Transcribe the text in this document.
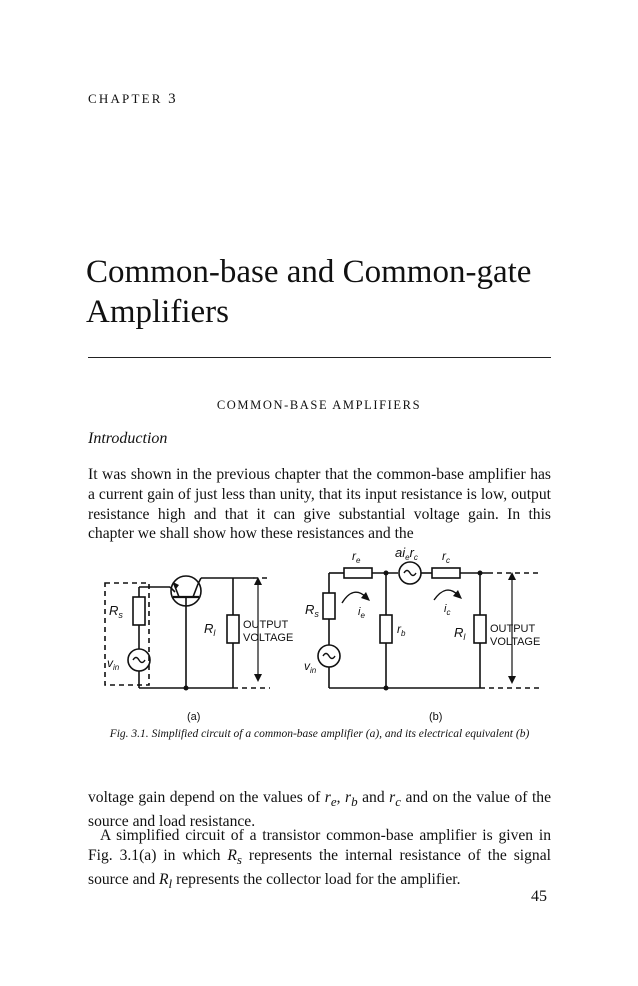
CHAPTER 3
Common-base and Common-gate
Amplifiers
COMMON-BASE AMPLIFIERS
Introduction

It was shown in the previous chapter that the common-base amplifier has a current gain of just less than unity, that its input resistance is low, output resistance high and that it can give substantial voltage gain. In this chapter we shall show how these resistances and the

$R_s$
$v_{in}$
$R_l$
OUTPUT
VOLTAGE
(a)
$r_e$
$ai_er_c$ $r_c$
$R_s$
$v_{in}$
$i_e$
$i_c$
$r_b$	$R_l$
OUTPUT
VOLTAGE
(b)

Fig. 3.1. Simplified circuit of a common-base amplifier (a), and its electrical equivalent (b)

voltage gain depend on the values of $r_e$, $r_b$ and $r_c$ and on the value of the source and load resistance.

A simplified circuit of a transistor common-base amplifier is given in Fig. 3.1(a) in which $R_s$ represents the internal resistance of the signal source and $R_l$ represents the collector load for the amplifier.

45
